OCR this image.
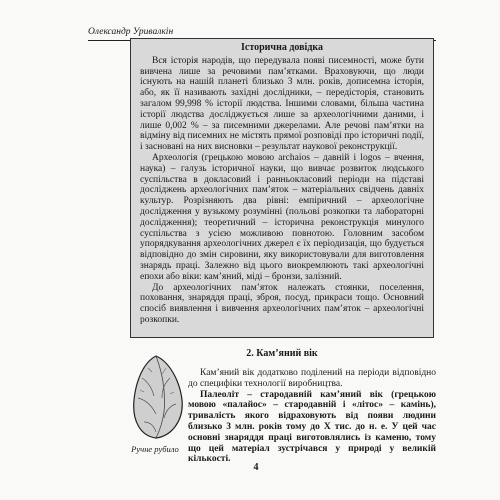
Олександр Уривалкін
Історична довідка

Вся історія народів, що передувала появі писемності, може бути вивчена лише за речовими пам’ятками. Враховуючи, що люди існують на нашій планеті близько 3 млн. років, дописемна історія, або, як її називають західні дослідники, – передісторія, становить загалом 99,998 % історії людства. Іншими словами, більша частина історії людства досліджується лише за археологічними даними, і лише 0,002 % – за писемними джерелами. Але речові пам’ятки на відміну від писемних не містять прямої розповіді про історичні події, і засновані на них висновки – результат наукової реконструкції.

Археологія (грецькою мовою archaios – давній і logos – вчення, наука) – галузь історичної науки, що вивчає розвиток людського суспільства в докласовий і ранньокласовий періоди на підставі досліджень археологічних пам’яток – матеріальних свідчень давніх культур. Розрізняють два рівні: емпіричний – археологічне дослідження у вузькому розумінні (польові розкопки та лабораторні дослідження); теоретичний – історична реконструкція минулого суспільства з усією можливою повнотою. Головним засобом упорядкування археологічних джерел є їх періодизація, що будується відповідно до змін сировини, яку використовували для виготовлення знарядь праці. Залежно від цього виокремлюють такі археологічні епохи або віки: кам’яний, міді – бронзи, залізний.

До археологічних пам’яток належать стоянки, поселення, поховання, знаряддя праці, зброя, посуд, прикраси тощо. Основний спосіб виявлення і вивчення археологічних пам’яток – археологічні розкопки.

2. Кам’яний вік
Ручне рубило

Кам’яний вік додатково поділений на періоди відповідно до специфіки технології виробництва.

Палеоліт – стародавній кам’яний вік (грецькою мовою «палайос» – стародавній і «літос» – камінь), тривалість якого відраховують від появи людини близько 3 млн. років тому до Х тис. до н. е. У цей час основні знаряддя праці виготовлялись із каменю, тому що цей матеріал зустрічався у природі у великій кількості.

4
